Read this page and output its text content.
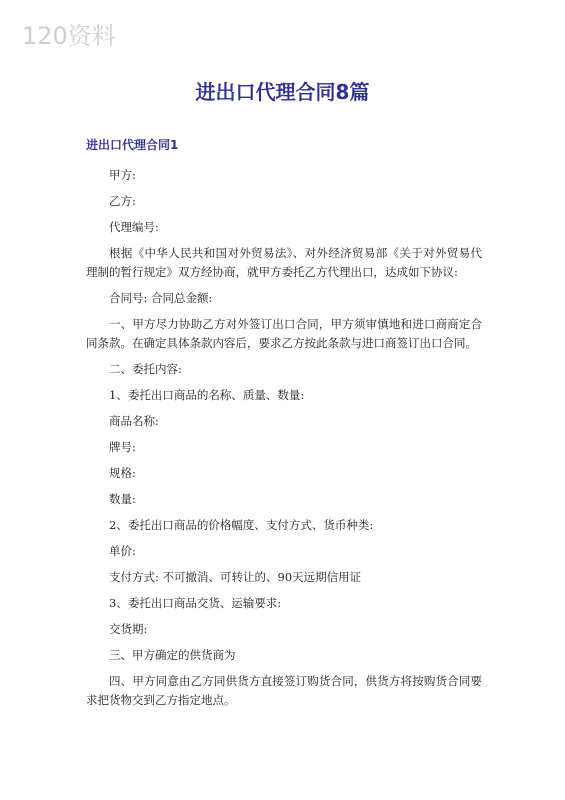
120资料
进出口代理合同8篇
进出口代理合同1

甲方:

乙方:

代理编号:

根据《中华人民共和国对外贸易法》、对外经济贸易部《关于对外贸易代理制的暂行规定》双方经协商，就甲方委托乙方代理出口，达成如下协议:

合同号: 合同总金额:

一、甲方尽力协助乙方对外签订出口合同，甲方须审慎地和进口商商定合同条款。在确定具体条款内容后，要求乙方按此条款与进口商签订出口合同。

二、委托内容:

1、委托出口商品的名称、质量、数量:

商品名称:

牌号:

规格:

数量:

2、委托出口商品的价格幅度、支付方式、货币种类:

单价:

支付方式: 不可撤消、可转让的、90天远期信用证

3、委托出口商品交货、运输要求:

交货期:

三、甲方确定的供货商为

四、甲方同意由乙方同供货方直接签订购货合同，供货方将按购货合同要求把货物交到乙方指定地点。
